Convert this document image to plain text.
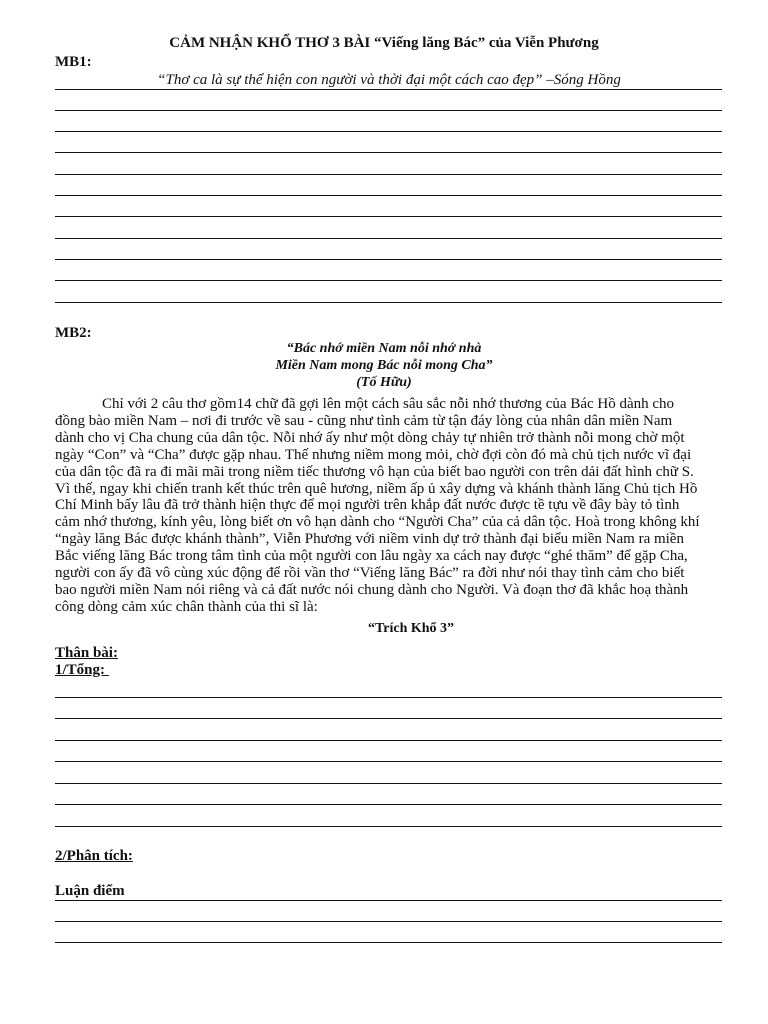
CẢM NHẬN KHỔ THƠ 3 BÀI “Viếng lăng Bác” của Viễn Phương
MB1:
“Thơ ca là sự thể hiện con người và thời đại một cách cao đẹp” –Sóng Hồng
MB2:
“Bác nhớ miền Nam nỗi nhớ nhà
Miền Nam mong Bác nỗi mong Cha”
(Tố Hữu)
Chỉ với 2 câu thơ gồm14 chữ đã gợi lên một cách sâu sắc nỗi nhớ thương của Bác Hồ dành cho
đồng bào miền Nam – nơi đi trước về sau - cũng như tình cảm từ tận đáy lòng của nhân dân miền Nam
dành cho vị Cha chung của dân tộc. Nỗi nhớ ấy như một dòng chảy tự nhiên trở thành nỗi mong chờ một
ngày “Con” và “Cha” được gặp nhau. Thế nhưng niềm mong mỏi, chờ đợi còn đó mà chủ tịch nước vĩ đại
của dân tộc đã ra đi mãi mãi trong niềm tiếc thương vô hạn của biết bao người con trên dải đất hình chữ S.
Vì thế, ngay khi chiến tranh kết thúc trên quê hương, niềm ấp ủ xây dựng và khánh thành lăng Chủ tịch Hồ
Chí Minh bấy lâu đã trở thành hiện thực để mọi người trên khắp đất nước được tề tựu về đây bày tỏ tình
cảm nhớ thương, kính yêu, lòng biết ơn vô hạn dành cho “Người Cha” của cả dân tộc. Hoà trong không khí
“ngày lăng Bác được khánh thành”, Viễn Phương với niềm vinh dự trở thành đại biểu miền Nam ra miền
Bắc viếng lăng Bác trong tâm tình của một người con lâu ngày xa cách nay được “ghé thăm” để gặp Cha,
người con ấy đã vô cùng xúc động để rồi vần thơ “Viếng lăng Bác” ra đời như nói thay tình cảm cho biết
bao người miền Nam nói riêng và cả đất nước nói chung dành cho Người. Và đoạn thơ đã khắc hoạ thành
công dòng cảm xúc chân thành của thi sĩ là:
“Trích Khổ 3”
Thân bài:
1/Tổng:
2/Phân tích:
Luận điểm
